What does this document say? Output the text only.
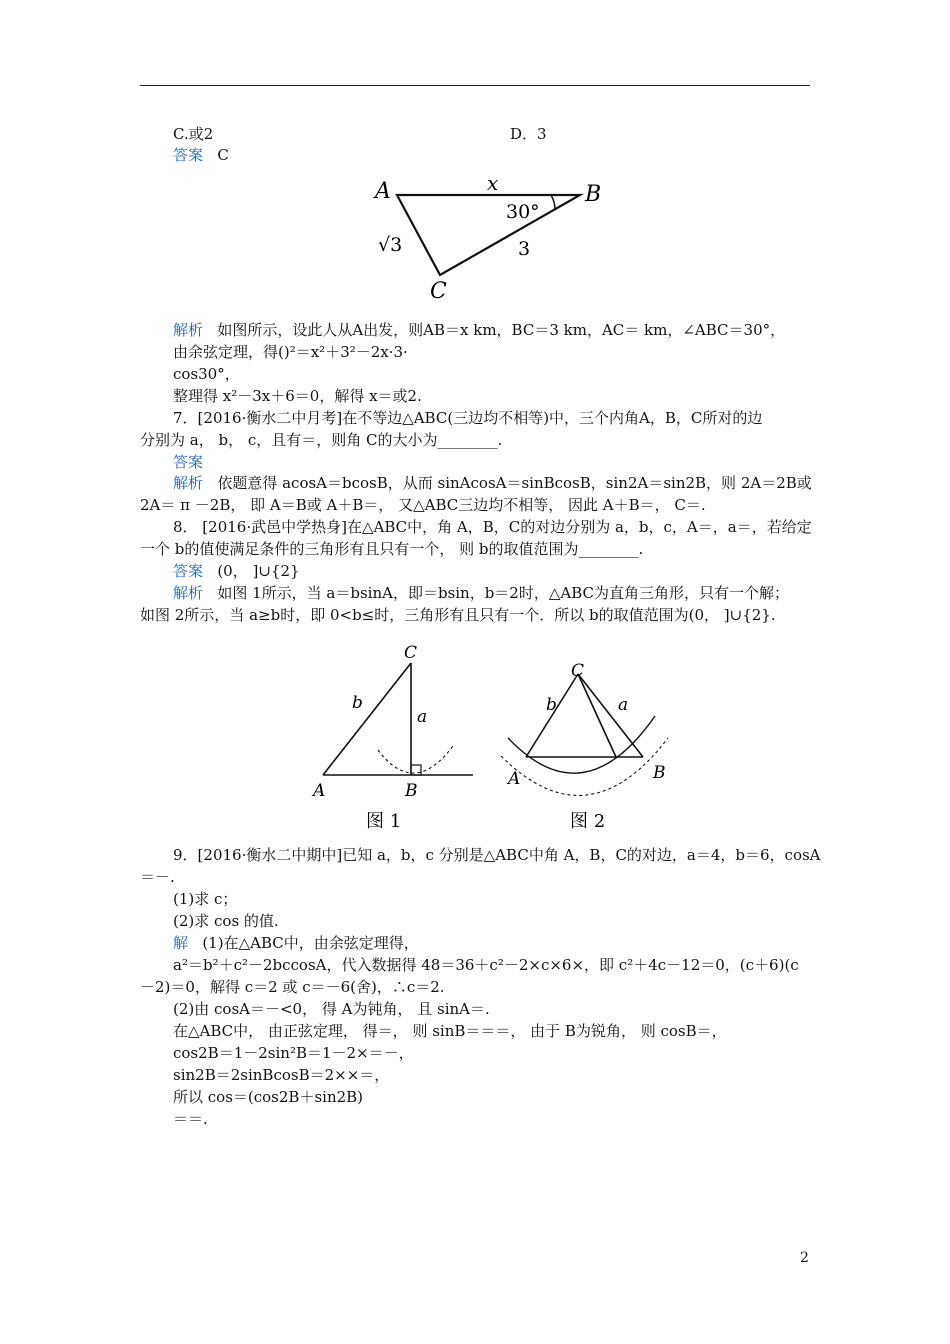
C.或2	D．3
答案 C
A	B
C
x
30°
√3	3
解析 如图所示，设此人从A出发，则AB＝x km，BC＝3 km，AC＝ km，∠ABC＝30°，
由余弦定理，得()²＝x²＋3²－2x·3·
cos30°，
整理得 x²－3x＋6＝0，解得 x＝或2.
7．[2016·衡水二中月考]在不等边△ABC(三边均不相等)中，三个内角A，B，C所对的边
分别为 a， b， c，且有＝，则角 C的大小为________.
答案
解析 依题意得 acosA＝bcosB，从而 sinAcosA＝sinBcosB，sin2A＝sin2B，则 2A＝2B或
2A＝ π －2B， 即 A＝B或 A＋B＝， 又△ABC三边均不相等， 因此 A＋B＝， C＝.
8． [2016·武邑中学热身]在△ABC中，角 A，B，C的对边分别为 a，b，c，A＝，a＝，若给定
一个 b的值使满足条件的三角形有且只有一个， 则 b的取值范围为________.
答案 (0， ]∪{2}
解析 如图 1所示，当 a＝bsinA，即＝bsin，b＝2时，△ABC为直角三角形，只有一个解；
如图 2所示，当 a≥b时，即 0<b≤时，三角形有且只有一个．所以 b的取值范围为(0， ]∪{2}.
C
b
a
A	B
图 1
C
b	a
A	B
图 2
9．[2016·衡水二中期中]已知 a，b，c 分别是△ABC中角 A，B，C的对边，a＝4，b＝6，cosA
＝－.
(1)求 c；
(2)求 cos 的值.
解 (1)在△ABC中，由余弦定理得，
a²＝b²＋c²－2bccosA，代入数据得 48＝36＋c²－2×c×6×，即 c²＋4c－12＝0，(c＋6)(c
－2)＝0，解得 c＝2 或 c＝－6(舍)，∴c＝2.
(2)由 cosA＝－<0， 得 A为钝角， 且 sinA＝.
在△ABC中， 由正弦定理， 得＝， 则 sinB＝＝＝， 由于 B为锐角， 则 cosB＝，
cos2B＝1－2sin²B＝1－2×＝－，
sin2B＝2sinBcosB＝2××＝，
所以 cos＝(cos2B＋sin2B)
＝＝.
2
